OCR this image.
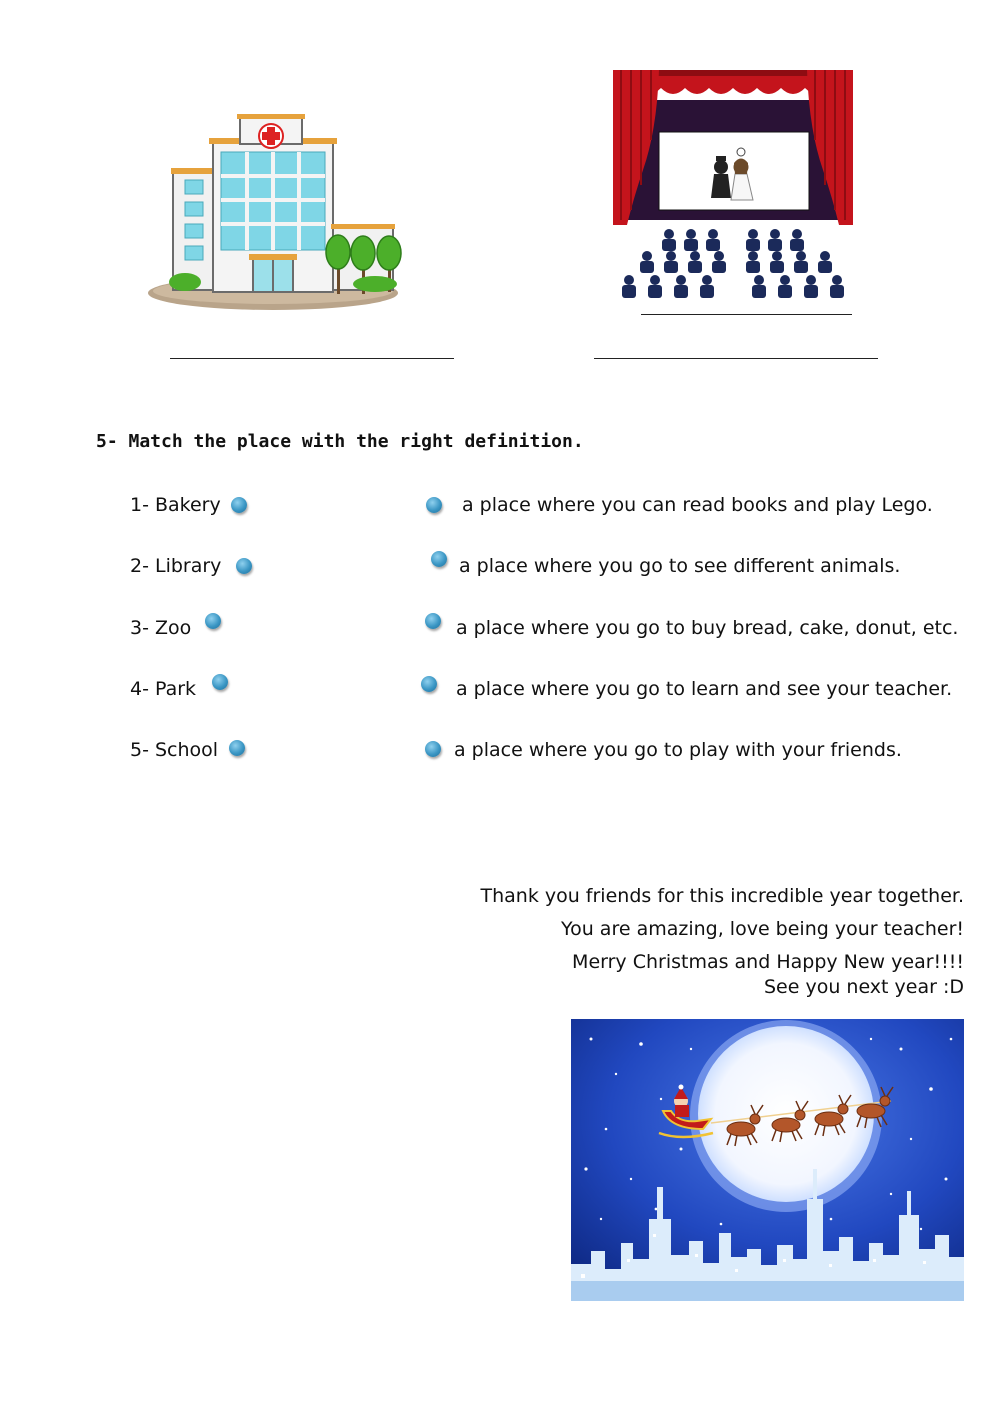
5- Match the place with the right definition.
1- Bakery
2- Library
3- Zoo
4- Park
5- School
a place where you can read books and play Lego.
a place where you go to see different animals.
a place where you go to buy bread, cake, donut, etc.
a place where you go to learn and see your teacher.
a place where you go to play with your friends.
Thank you friends for this incredible year together.
You are amazing, love being your teacher!
Merry Christmas and Happy New year!!!!
See you next year :D
